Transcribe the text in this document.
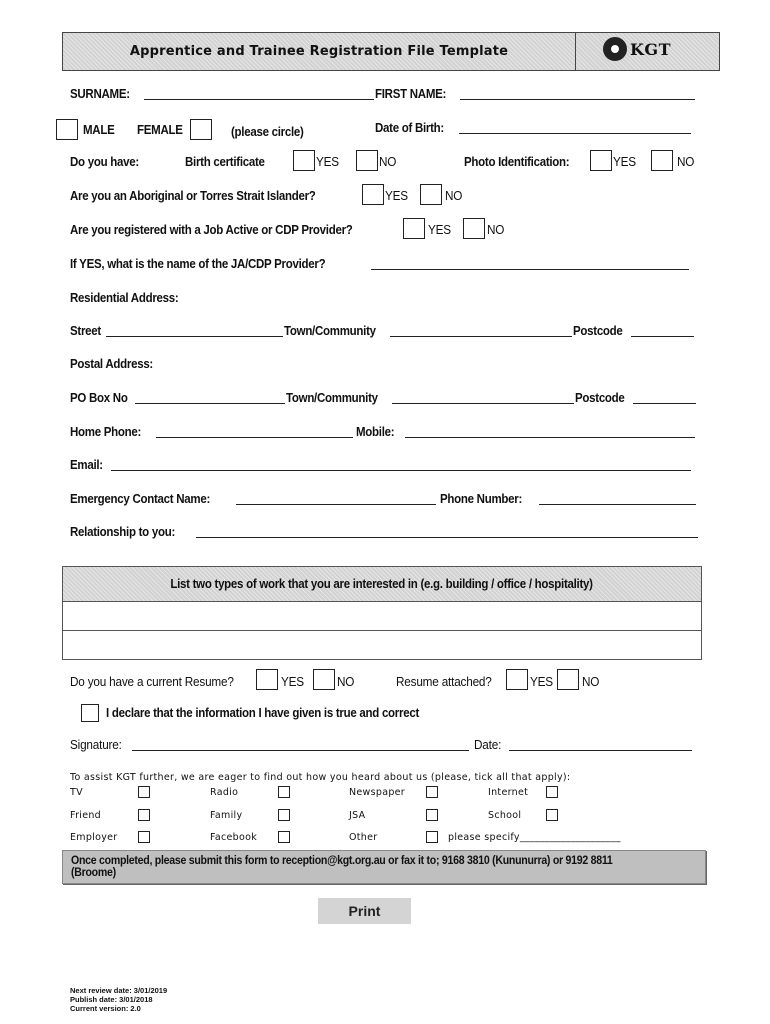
Apprentice and Trainee Registration File Template	KGT
SURNAME:	FIRST NAME:
MALE FEMALE	(please circle)	Date of Birth:
Do you have:	Birth certificate	YES	NO	Photo Identification:	YES	NO
Are you an Aboriginal or Torres Strait Islander?	YES	NO
Are you registered with a Job Active or CDP Provider?	YES	NO
If YES, what is the name of the JA/CDP Provider?
Residential Address:
Street	Town/Community	Postcode
Postal Address:
PO Box No	Town/Community	Postcode
Home Phone:	Mobile:
Email:
Emergency Contact Name:	Phone Number:
Relationship to you:
List two types of work that you are interested in (e.g. building / office / hospitality)
Do you have a current Resume?	YES	NO	Resume attached?	YES NO
I declare that the information I have given is true and correct
Signature:	Date:
To assist KGT further, we are eager to find out how you heard about us (please, tick all that apply):
TV	Radio	Newspaper	Internet
Friend	Family	JSA	School
Employer	Facebook	Other	please specify____________________
Once completed, please submit this form to reception@kgt.org.au or fax it to; 9168 3810 (Kununurra) or 9192 8811 (Broome)
Print
Next review date: 3/01/2019
Publish date: 3/01/2018
Current version: 2.0
